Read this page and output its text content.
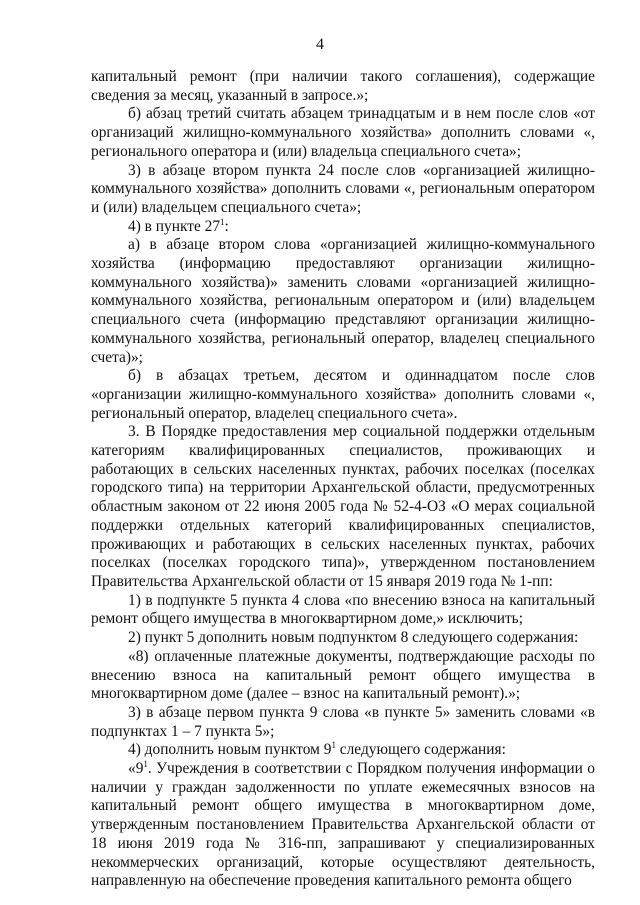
4

капитальный ремонт (при наличии такого соглашения), содержащие сведения за месяц, указанный в запросе.»;

б) абзац третий считать абзацем тринадцатым и в нем после слов «от организаций жилищно-коммунального хозяйства» дополнить словами «, регионального оператора и (или) владельца специального счета»;

3) в абзаце втором пункта 24 после слов «организацией жилищно-коммунального хозяйства» дополнить словами «, региональным оператором и (или) владельцем специального счета»;

4) в пункте $27^1$:

а) в абзаце втором слова «организацией жилищно-коммунального хозяйства (информацию предоставляют организации жилищно-коммунального хозяйства)» заменить словами «организацией жилищно-коммунального хозяйства, региональным оператором и (или) владельцем специального счета (информацию представляют организации жилищно-коммунального хозяйства, региональный оператор, владелец специального счета)»;

б) в абзацах третьем, десятом и одиннадцатом после слов «организации жилищно-коммунального хозяйства» дополнить словами «, региональный оператор, владелец специального счета».

3. В Порядке предоставления мер социальной поддержки отдельным категориям квалифицированных специалистов, проживающих и работающих в сельских населенных пунктах, рабочих поселках (поселках городского типа) на территории Архангельской области, предусмотренных областным законом от 22 июня 2005 года № 52-4-ОЗ «О мерах социальной поддержки отдельных категорий квалифицированных специалистов, проживающих и работающих в сельских населенных пунктах, рабочих поселках (поселках городского типа)», утвержденном постановлением Правительства Архангельской области от 15 января 2019 года № 1-пп:

1) в подпункте 5 пункта 4 слова «по внесению взноса на капитальный ремонт общего имущества в многоквартирном доме,» исключить;

2) пункт 5 дополнить новым подпунктом 8 следующего содержания:

«8) оплаченные платежные документы, подтверждающие расходы по внесению взноса на капитальный ремонт общего имущества в многоквартирном доме (далее – взнос на капитальный ремонт).»;

3) в абзаце первом пункта 9 слова «в пункте 5» заменить словами «в подпунктах 1 – 7 пункта 5»;

4) дополнить новым пунктом $9^1$ следующего содержания:

«$9^1$. Учреждения в соответствии с Порядком получения информации о наличии у граждан задолженности по уплате ежемесячных взносов на капитальный ремонт общего имущества в многоквартирном доме, утвержденным постановлением Правительства Архангельской области от 18 июня 2019 года № 316-пп, запрашивают у специализированных некоммерческих организаций, которые осуществляют деятельность, направленную на обеспечение проведения капитального ремонта общего
